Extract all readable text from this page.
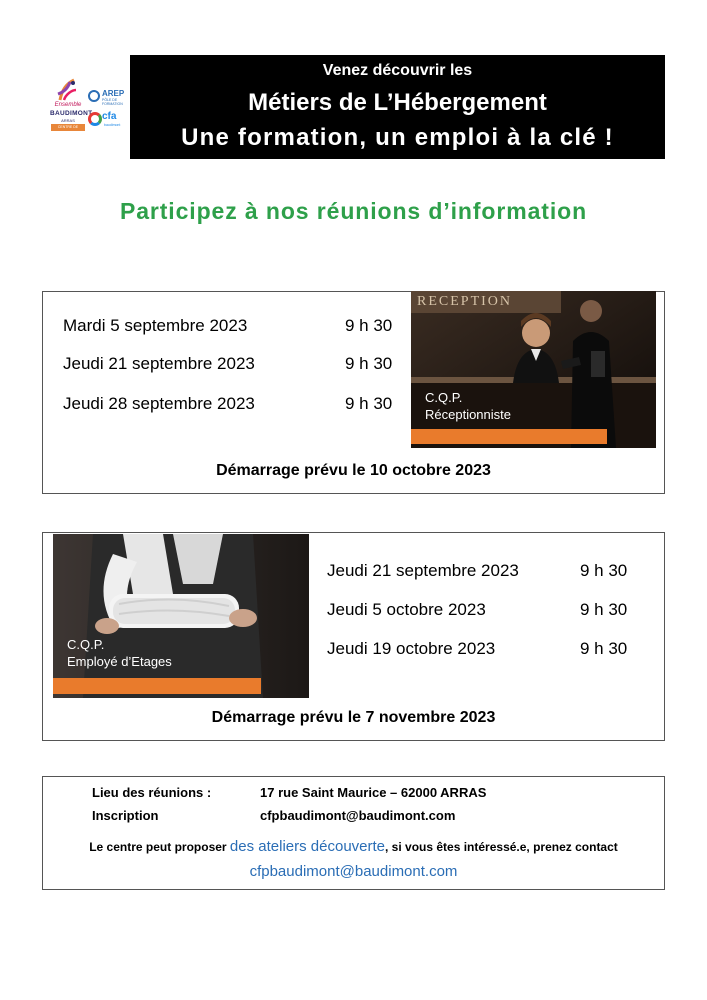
Ensemble
BAUDIMONT
ARRAS
CENTRE DE FORMATION
AREP
PÔLE DE FORMATION
cfa
baudimont
Venez découvrir les
Métiers de L’Hébergement
Une formation, un emploi à la clé !
Participez à nos réunions d’information
Mardi 5 septembre 2023	9 h 30
Jeudi 21 septembre 2023	9 h 30
Jeudi 28 septembre 2023	9 h 30
Démarrage prévu le 10 octobre 2023
RECEPTION
C.Q.P.
Réceptionniste
Jeudi 21 septembre 2023	9 h 30
Jeudi 5 octobre 2023	9 h 30
Jeudi 19 octobre 2023	9 h 30
Démarrage prévu le 7 novembre 2023
C.Q.P.
Employé d’Etages
Lieu des réunions :	17 rue Saint Maurice – 62000 ARRAS
Inscription	cfpbaudimont@baudimont.com
Le centre peut proposer des ateliers découverte, si vous êtes intéressé.e, prenez contact
cfpbaudimont@baudimont.com
